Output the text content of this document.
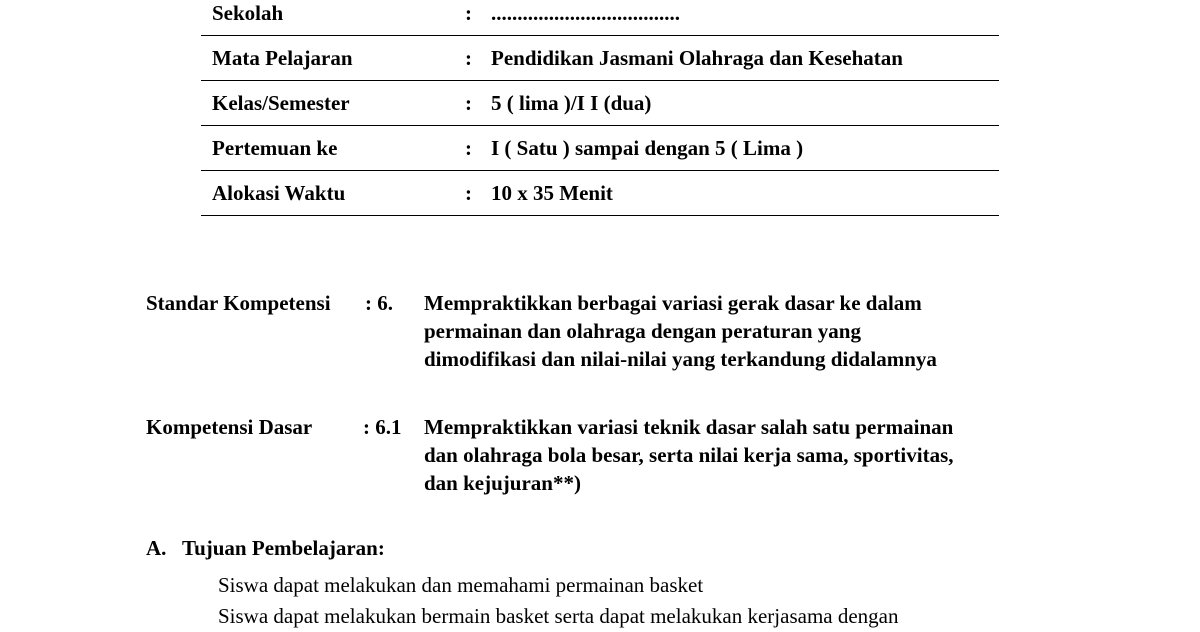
Sekolah	: ....................................
Mata Pelajaran	: Pendidikan Jasmani Olahraga dan Kesehatan
Kelas/Semester	: 5 ( lima )/I I (dua)
Pertemuan ke	: I ( Satu ) sampai dengan 5 ( Lima )
Alokasi Waktu	: 10 x 35 Menit
Standar Kompetensi : 6. Mempraktikkan berbagai variasi gerak dasar ke dalam
permainan dan olahraga dengan peraturan yang
dimodifikasi dan nilai-nilai yang terkandung didalamnya
Kompetensi Dasar : 6.1 Mempraktikkan variasi teknik dasar salah satu permainan
dan olahraga bola besar, serta nilai kerja sama, sportivitas,
dan kejujuran**)
A. Tujuan Pembelajaran:
Siswa dapat melakukan dan memahami permainan basket
Siswa dapat melakukan bermain basket serta dapat melakukan kerjasama dengan
